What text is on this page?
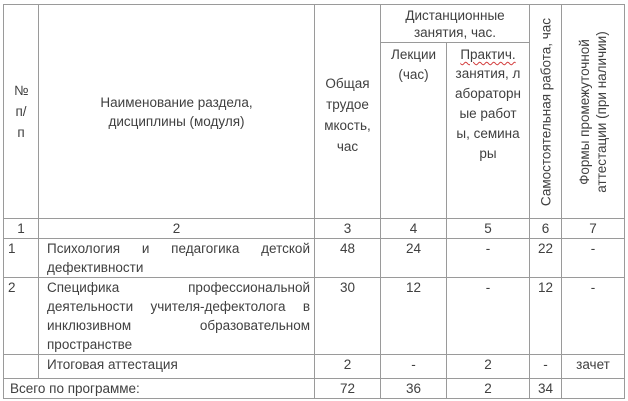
№ п/п	Наименование раздела, дисциплины (модуля)	Общая трудоемкость, час	Дистанционные занятия, час.		Самостоятельная работа, час	Формы промежуточной аттестации (при наличии)

			Лекции (час)	Практич. занятия, лабораторные работы, семинары		
1	2	3	4	5	6	7
1	Психология и педагогика детской дефективности	48	24	-	22	-
2	Специфика профессиональной деятельности учителя-дефектолога в инклюзивном образовательном пространстве	30	12	-	12	-
	Итоговая аттестация	2	-	2	-	зачет
Всего по программе:		72	36	2	34	
